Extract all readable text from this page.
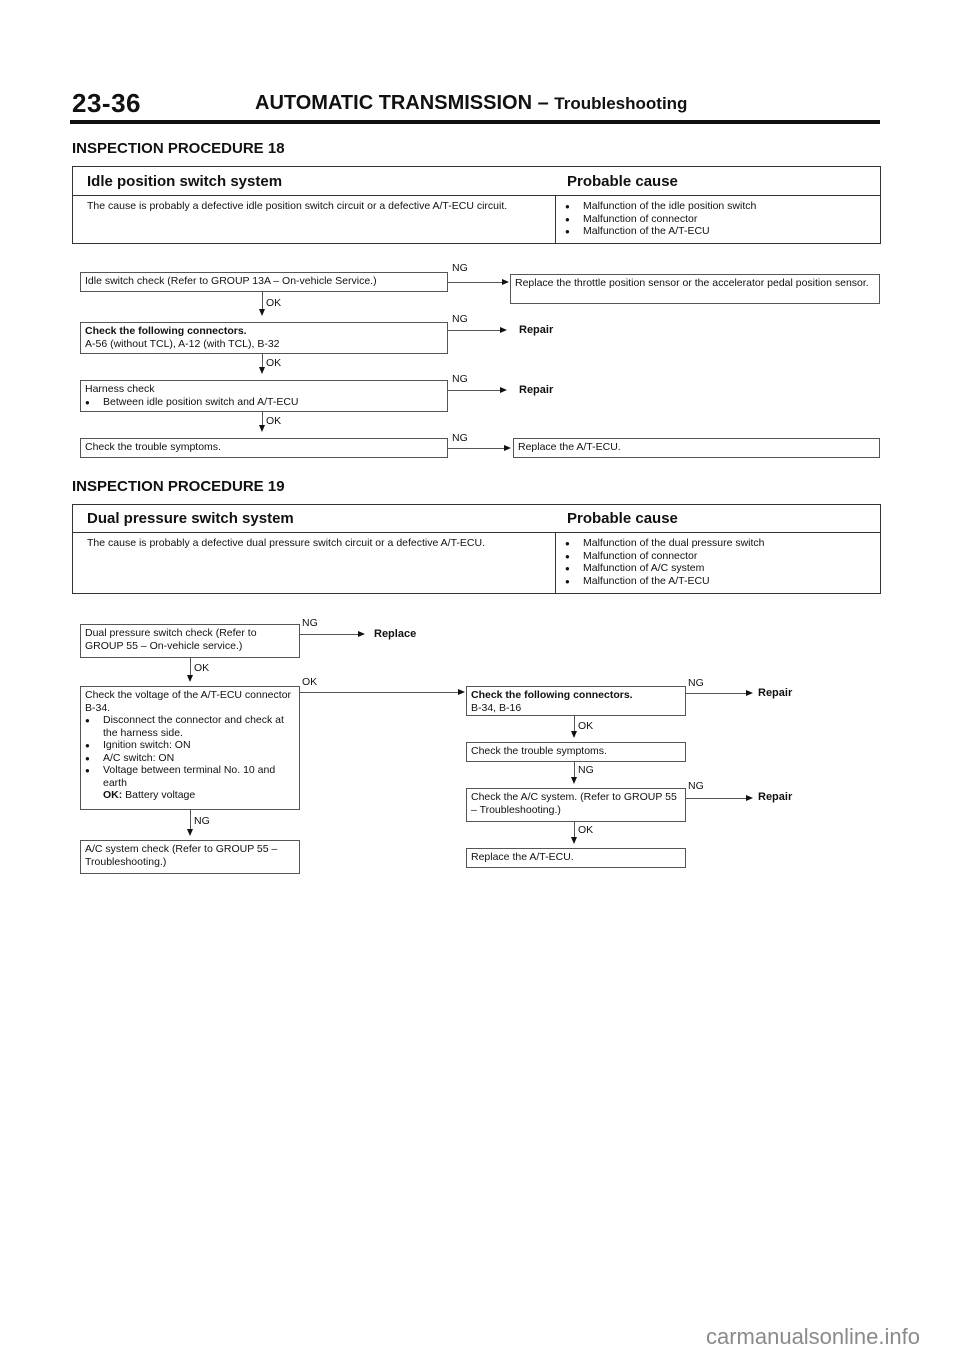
23-36	AUTOMATIC TRANSMISSION – Troubleshooting
INSPECTION PROCEDURE 18
Idle position switch system	Probable cause
The cause is probably a defective idle position switch circuit or a defective A/T-ECU circuit.	● Malfunction of the idle position switch
● Malfunction of connector
● Malfunction of the A/T-ECU
Idle switch check (Refer to GROUP 13A – On-vehicle Service.)
NG
Replace the throttle position sensor or the accelerator pedal position sensor.
OK
Check the following connectors.
A-56 (without TCL), A-12 (with TCL), B-32
NG
Repair
OK
Harness check
● Between idle position switch and A/T-ECU
NG
Repair
OK
Check the trouble symptoms.
NG
Replace the A/T-ECU.
INSPECTION PROCEDURE 19
Dual pressure switch system	Probable cause
The cause is probably a defective dual pressure switch circuit or a defective A/T-ECU.	● Malfunction of the dual pressure switch
● Malfunction of connector
● Malfunction of A/C system
● Malfunction of the A/T-ECU
Dual pressure switch check (Refer to GROUP 55 – On-vehicle service.)
NG
Replace
OK
Check the voltage of the A/T-ECU connector B-34.
● Disconnect the connector and check at the harness side.
● Ignition switch: ON
● A/C switch: ON
● Voltage between terminal No. 10 and earth
OK: Battery voltage
OK
NG
A/C system check (Refer to GROUP 55 – Troubleshooting.)
Check the following connectors.
B-34, B-16
NG
Repair
OK
Check the trouble symptoms.
NG
Check the A/C system. (Refer to GROUP 55 – Troubleshooting.)
NG
Repair
OK
Replace the A/T-ECU.
carmanualsonline.info
